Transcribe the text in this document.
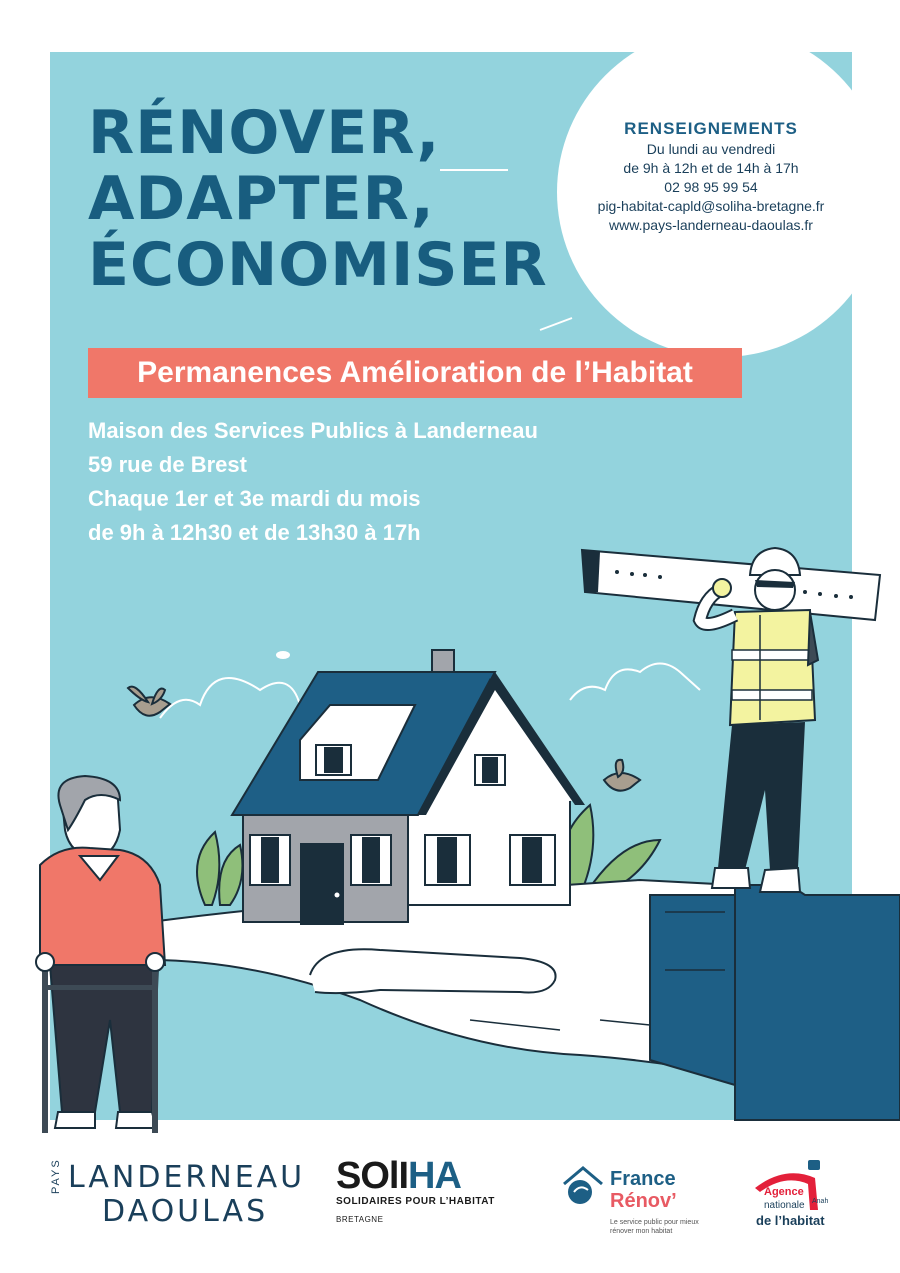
RÉNOVER,
ADAPTER,
ÉCONOMISER
RENSEIGNEMENTS
Du lundi au vendredi
de 9h à 12h et de 14h à 17h
02 98 95 99 54
pig-habitat-capld@soliha-bretagne.fr
www.pays-landerneau-daoulas.fr
Permanences Amélioration de l’Habitat
Maison des Services Publics à Landerneau
59 rue de Brest
Chaque 1er et 3e mardi du mois
de 9h à 12h30 et de 13h30 à 17h
PAYS LANDERNEAU
DAOULAS
SOlIHA
SOLIDAIRES POUR L’HABITAT
BRETAGNE
France
Rénov’
Le service public pour mieux rénover mon habitat
Agence
nationale
de l’habitat
Anah
